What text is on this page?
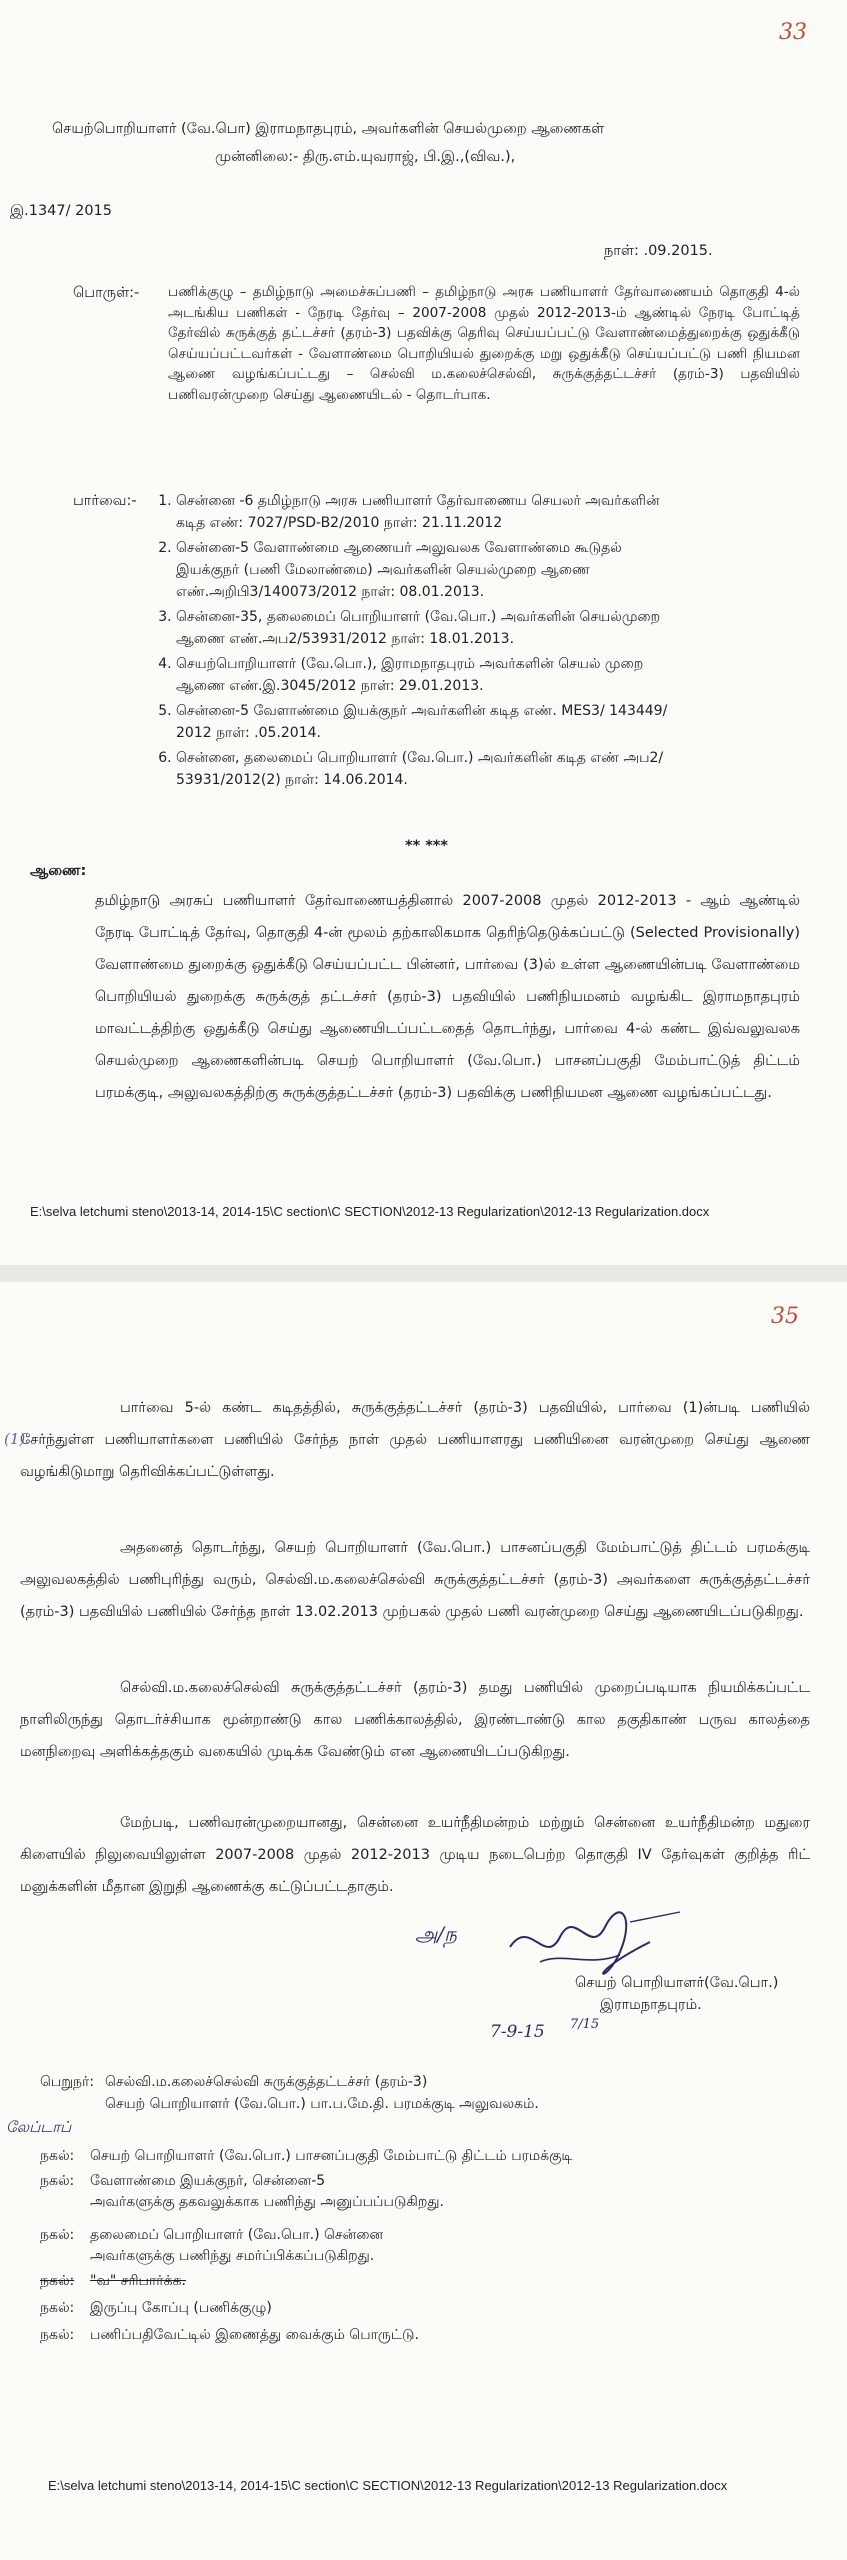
33
செயற்பொறியாளர் (வே.பொ) இராமநாதபுரம், அவர்களின் செயல்முறை ஆணைகள்
முன்னிலை:- திரு.எம்.யுவராஜ், பி.இ.,(விவ.),
இ.1347/ 2015
நாள்: .09.2015.
பொருள்:- பணிக்குழு – தமிழ்நாடு அமைச்சுப்பணி – தமிழ்நாடு அரசு பணியாளர் தேர்வாணையம் தொகுதி 4-ல் அடங்கிய பணிகள் - நேரடி தேர்வு – 2007-2008 முதல் 2012-2013-ம் ஆண்டில் நேரடி போட்டித் தேர்வில் சுருக்குத் தட்டச்சர் (தரம்-3) பதவிக்கு தெரிவு செய்யப்பட்டு வேளாண்மைத்துறைக்கு ஒதுக்கீடு செய்யப்பட்டவர்கள் - வேளாண்மை பொறியியல் துறைக்கு மறு ஒதுக்கீடு செய்யப்பட்டு பணி நியமன ஆணை வழங்கப்பட்டது – செல்வி ம.கலைச்செல்வி, சுருக்குத்தட்டச்சர் (தரம்-3) பதவியில் பணிவரன்முறை செய்து ஆணையிடல் - தொடர்பாக.
பார்வை:-
1.	சென்னை -6 தமிழ்நாடு அரசு பணியாளர் தேர்வாணைய செயலர் அவர்களின் கடித எண்: 7027/PSD-B2/2010 நாள்: 21.11.2012
2. சென்னை-5 வேளாண்மை ஆணையர் அலுவலக வேளாண்மை கூடுதல் இயக்குநர் (பணி மேலாண்மை) அவர்களின் செயல்முறை ஆணை எண்.அறிபி3/140073/2012 நாள்: 08.01.2013.
3. சென்னை-35, தலைமைப் பொறியாளர் (வே.பொ.) அவர்களின் செயல்முறை ஆணை எண்.அப2/53931/2012 நாள்: 18.01.2013.
4. செயற்பொறியாளர் (வே.பொ.), இராமநாதபுரம் அவர்களின் செயல் முறை ஆணை எண்.இ.3045/2012 நாள்: 29.01.2013.
5. சென்னை-5 வேளாண்மை இயக்குநர் அவர்களின் கடித எண். MES3/ 143449/ 2012 நாள்: .05.2014.
6. சென்னை, தலைமைப் பொறியாளர் (வே.பொ.) அவர்களின் கடித எண் அப2/ 53931/2012(2) நாள்: 14.06.2014.
** ***
ஆணை:
தமிழ்நாடு அரசுப் பணியாளர் தேர்வாணையத்தினால் 2007-2008 முதல் 2012-2013 - ஆம் ஆண்டில் நேரடி போட்டித் தேர்வு, தொகுதி 4-ன் மூலம் தற்காலிகமாக தெரிந்தெடுக்கப்பட்டு (Selected Provisionally) வேளாண்மை துறைக்கு ஒதுக்கீடு செய்யப்பட்ட பின்னர், பார்வை (3)ல் உள்ள ஆணையின்படி வேளாண்மை பொறியியல் துறைக்கு சுருக்குத் தட்டச்சர் (தரம்-3) பதவியில் பணிநியமனம் வழங்கிட இராமநாதபுரம் மாவட்டத்திற்கு ஒதுக்கீடு செய்து ஆணையிடப்பட்டதைத் தொடர்ந்து, பார்வை 4-ல் கண்ட இவ்வலுவலக செயல்முறை ஆணைகளின்படி செயற் பொறியாளர் (வே.பொ.) பாசனப்பகுதி மேம்பாட்டுத் திட்டம் பரமக்குடி, அலுவலகத்திற்கு சுருக்குத்தட்டச்சர் (தரம்-3) பதவிக்கு பணிநியமன ஆணை வழங்கப்பட்டது.
E:\selva letchumi steno\2013-14, 2014-15\C section\C SECTION\2012-13 Regularization\2012-13 Regularization.docx
35
பார்வை 5-ல் கண்ட கடிதத்தில், சுருக்குத்தட்டச்சர் (தரம்-3) பதவியில், பார்வை (1)ன்படி பணியில் சேர்ந்துள்ள பணியாளர்களை பணியில் சேர்ந்த நாள் முதல் பணியாளரது பணியினை வரன்முறை செய்து ஆணை வழங்கிடுமாறு தெரிவிக்கப்பட்டுள்ளது.
(1)
அதனைத் தொடர்ந்து, செயற் பொறியாளர் (வே.பொ.) பாசனப்பகுதி மேம்பாட்டுத் திட்டம் பரமக்குடி அலுவலகத்தில் பணிபுரிந்து வரும், செல்வி.ம.கலைச்செல்வி சுருக்குத்தட்டச்சர் (தரம்-3) அவர்களை சுருக்குத்தட்டச்சர் (தரம்-3) பதவியில் பணியில் சேர்ந்த நாள் 13.02.2013 முற்பகல் முதல் பணி வரன்முறை செய்து ஆணையிடப்படுகிறது.
செல்வி.ம.கலைச்செல்வி சுருக்குத்தட்டச்சர் (தரம்-3) தமது பணியில் முறைப்படியாக நியமிக்கப்பட்ட நாளிலிருந்து தொடர்ச்சியாக மூன்றாண்டு கால பணிக்காலத்தில், இரண்டாண்டு கால தகுதிகாண் பருவ காலத்தை மனநிறைவு அளிக்கத்தகும் வகையில் முடிக்க வேண்டும் என ஆணையிடப்படுகிறது.
மேற்படி, பணிவரன்முறையானது, சென்னை உயர்நீதிமன்றம் மற்றும் சென்னை உயர்நீதிமன்ற மதுரை கிளையில் நிலுவையிலுள்ள 2007-2008 முதல் 2012-2013 முடிய நடைபெற்ற தொகுதி IV தேர்வுகள் குறித்த ரிட் மனுக்களின் மீதான இறுதி ஆணைக்கு கட்டுப்பட்டதாகும்.
அ/ந
செயற் பொறியாளர்(வே.பொ.)
இராமநாதபுரம்.
7-9-15 7/15
பெறுநர்: செல்வி.ம.கலைச்செல்வி சுருக்குத்தட்டச்சர் (தரம்-3)
செயற் பொறியாளர் (வே.பொ.) பா.ப.மே.தி. பரமக்குடி அலுவலகம்.
லேப்டாப்
நகல்:	செயற் பொறியாளர் (வே.பொ.) பாசனப்பகுதி மேம்பாட்டு திட்டம் பரமக்குடி
நகல்:	வேளாண்மை இயக்குநர், சென்னை-5
அவர்களுக்கு தகவலுக்காக பணிந்து அனுப்பப்படுகிறது.
நகல்:	தலைமைப் பொறியாளர் (வே.பொ.) சென்னை
அவர்களுக்கு பணிந்து சமர்ப்பிக்கப்படுகிறது.
நகல்:	"வ" சரிபார்க்க.
நகல்:	இருப்பு கோப்பு (பணிக்குழு)
நகல்:	பணிப்பதிவேட்டில் இணைத்து வைக்கும் பொருட்டு.
E:\selva letchumi steno\2013-14, 2014-15\C section\C SECTION\2012-13 Regularization\2012-13 Regularization.docx
